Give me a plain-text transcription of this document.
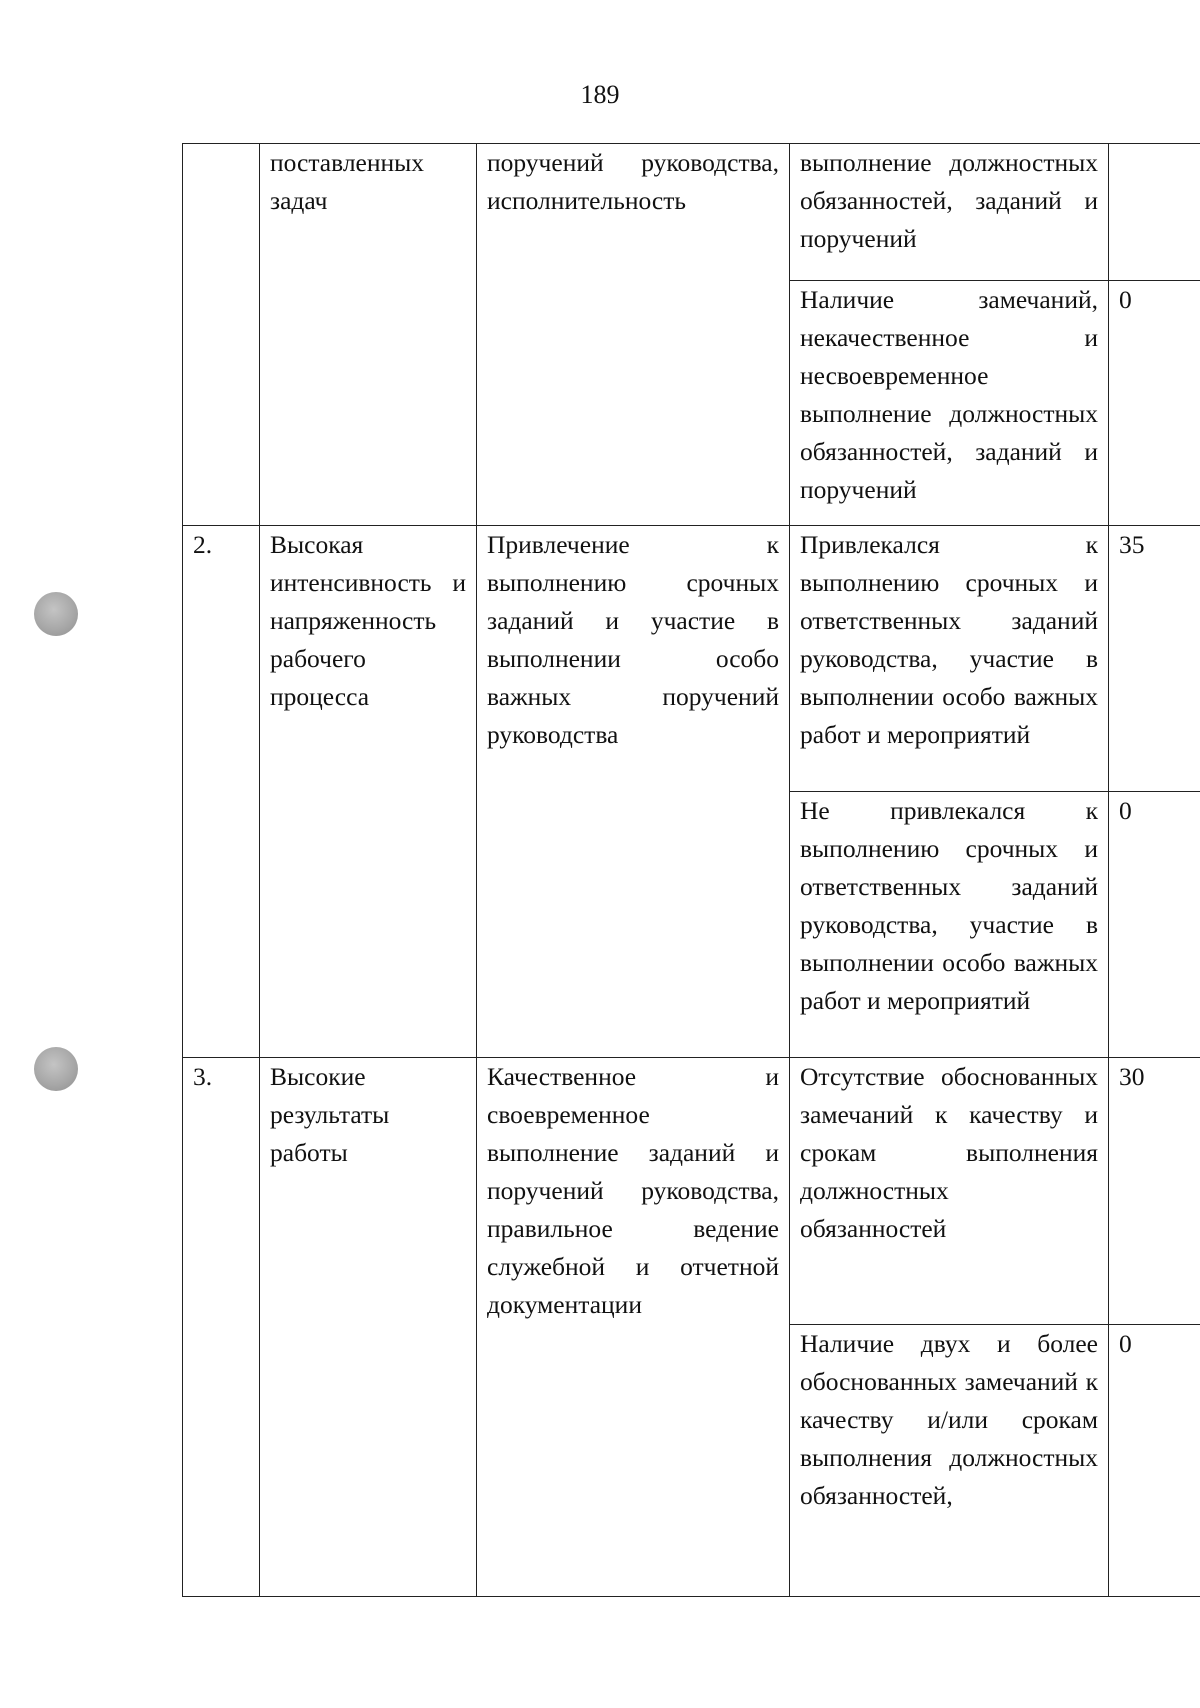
189

	поставленных задач	поручений руководства, исполнительность	выполнение должностных обязанностей, заданий и поручений	

			Наличие замечаний, некачественное и несвоевременное выполнение должностных обязанностей, заданий и поручений	0
2.	Высокая интенсивность и напряженность рабочего процесса	Привлечение к выполнению срочных заданий и участие в выполнении особо важных поручений руководства	Привлекался к выполнению срочных и ответственных заданий руководства, участие в выполнении особо важных работ и мероприятий	35

			Не привлекался к выполнению срочных и ответственных заданий руководства, участие в выполнении особо важных работ и мероприятий	0
3.	Высокие результаты работы	Качественное и своевременное выполнение заданий и поручений руководства, правильное ведение служебной и отчетной документации	Отсутствие обоснованных замечаний к качеству и срокам выполнения должностных обязанностей	30

			Наличие двух и более обоснованных замечаний к качеству и/или срокам выполнения должностных обязанностей,	0
